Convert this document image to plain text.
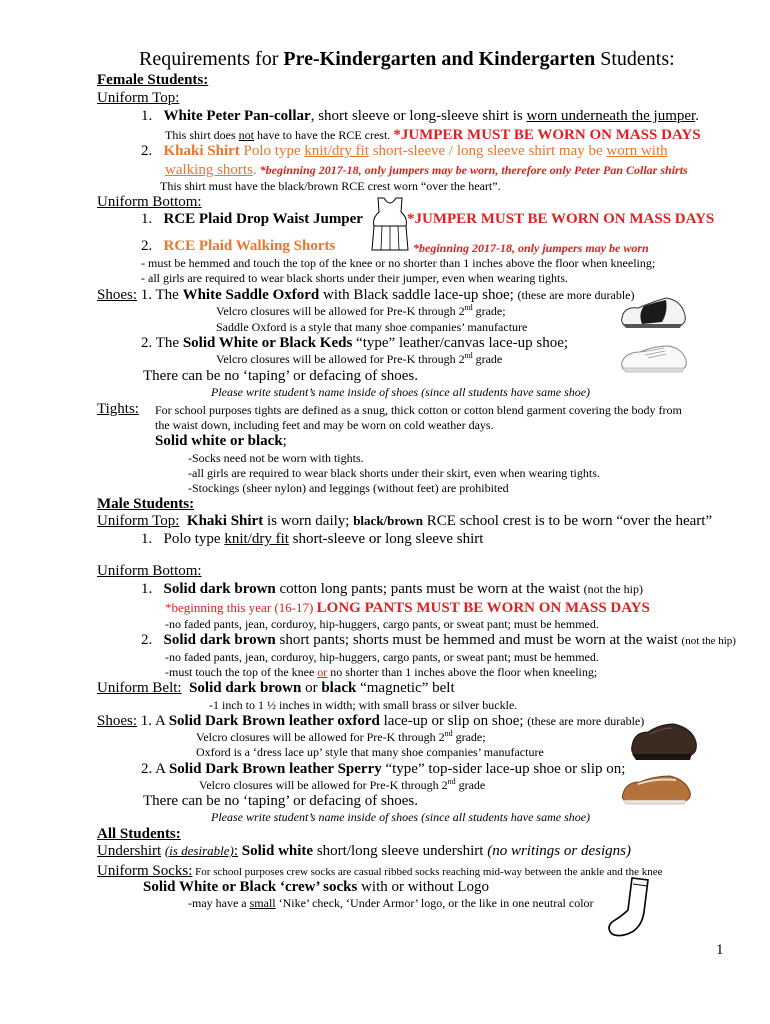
Requirements for Pre-Kindergarten and Kindergarten Students:
Female Students:
Uniform Top:
1. White Peter Pan-collar, short sleeve or long-sleeve shirt is worn underneath the jumper.
This shirt does not have to have the RCE crest. *JUMPER MUST BE WORN ON MASS DAYS
2. Khaki Shirt Polo type knit/dry fit short-sleeve / long sleeve shirt may be worn with
walking shorts. *beginning 2017-18, only jumpers may be worn, therefore only Peter Pan Collar shirts
This shirt must have the black/brown RCE crest worn “over the heart”.
Uniform Bottom:
1. RCE Plaid Drop Waist Jumper	*JUMPER MUST BE WORN ON MASS DAYS
2. RCE Plaid Walking Shorts	*beginning 2017-18, only jumpers may be worn
- must be hemmed and touch the top of the knee or no shorter than 1 inches above the floor when kneeling;
- all girls are required to wear black shorts under their jumper, even when wearing tights.
Shoes: 1. The White Saddle Oxford with Black saddle lace-up shoe; (these are more durable)
Velcro closures will be allowed for Pre-K through 2nd grade;
Saddle Oxford is a style that many shoe companies’ manufacture
2. The Solid White or Black Keds “type” leather/canvas lace-up shoe;
Velcro closures will be allowed for Pre-K through 2nd grade
There can be no ‘taping’ or defacing of shoes.
Please write student’s name inside of shoes (since all students have same shoe)
Tights: For school purposes tights are defined as a snug, thick cotton or cotton blend garment covering the body from
the waist down, including feet and may be worn on cold weather days.
Solid white or black;
-Socks need not be worn with tights.
-all girls are required to wear black shorts under their skirt, even when wearing tights.
-Stockings (sheer nylon) and leggings (without feet) are prohibited
Male Students:
Uniform Top: Khaki Shirt is worn daily; black/brown RCE school crest is to be worn “over the heart”
1. Polo type knit/dry fit short-sleeve or long sleeve shirt
Uniform Bottom:
1. Solid dark brown cotton long pants; pants must be worn at the waist (not the hip)
*beginning this year (16-17) LONG PANTS MUST BE WORN ON MASS DAYS
-no faded pants, jean, corduroy, hip-huggers, cargo pants, or sweat pant; must be hemmed.
2. Solid dark brown short pants; shorts must be hemmed and must be worn at the waist (not the hip)
-no faded pants, jean, corduroy, hip-huggers, cargo pants, or sweat pant; must be hemmed.
-must touch the top of the knee or no shorter than 1 inches above the floor when kneeling;
Uniform Belt: Solid dark brown or black “magnetic” belt
-1 inch to 1 ½ inches in width; with small brass or silver buckle.
Shoes: 1. A Solid Dark Brown leather oxford lace-up or slip on shoe; (these are more durable)
Velcro closures will be allowed for Pre-K through 2nd grade;
Oxford is a ‘dress lace up’ style that many shoe companies’ manufacture
2. A Solid Dark Brown leather Sperry “type” top-sider lace-up shoe or slip on;
Velcro closures will be allowed for Pre-K through 2nd grade
There can be no ‘taping’ or defacing of shoes.
Please write student’s name inside of shoes (since all students have same shoe)
All Students:
Undershirt (is desirable): Solid white short/long sleeve undershirt (no writings or designs)
Uniform Socks: For school purposes crew socks are casual ribbed socks reaching mid-way between the ankle and the knee
Solid White or Black ‘crew’ socks with or without Logo
-may have a small ‘Nike’ check, ‘Under Armor’ logo, or the like in one neutral color
1
